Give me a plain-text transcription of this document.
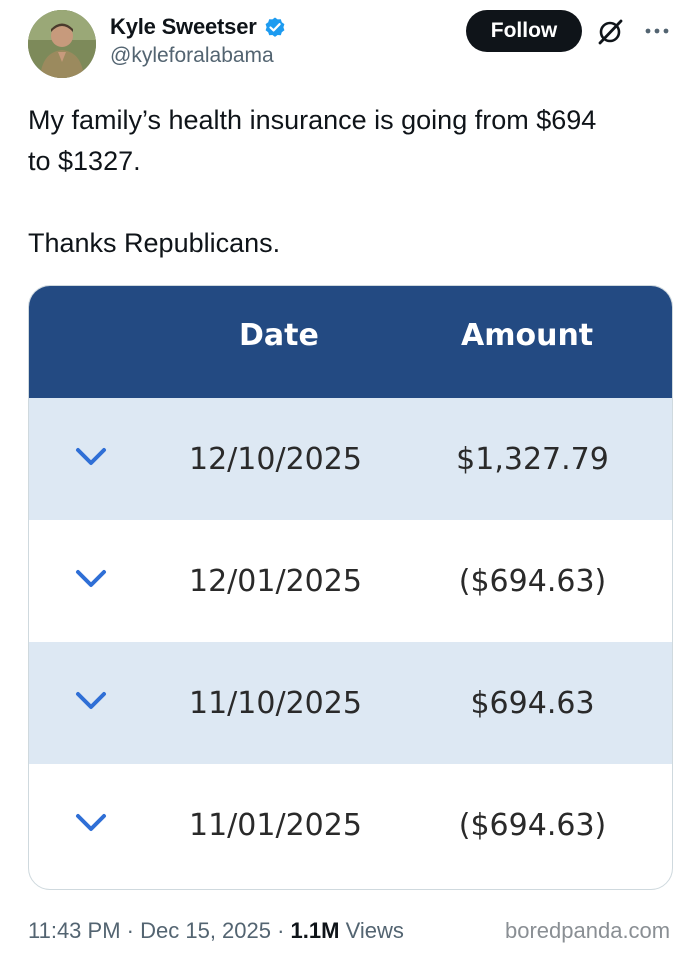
Kyle Sweetser
@kyleforalabama
Follow

My family’s health insurance is going from $694

to $1327.

Thanks Republicans.

Date	Amount
12/10/2025	$1,327.79
12/01/2025	($694.63)
11/10/2025	$694.63
11/01/2025	($694.63)
11:43 PM · Dec 15, 2025 · 1.1M Views	boredpanda.com
